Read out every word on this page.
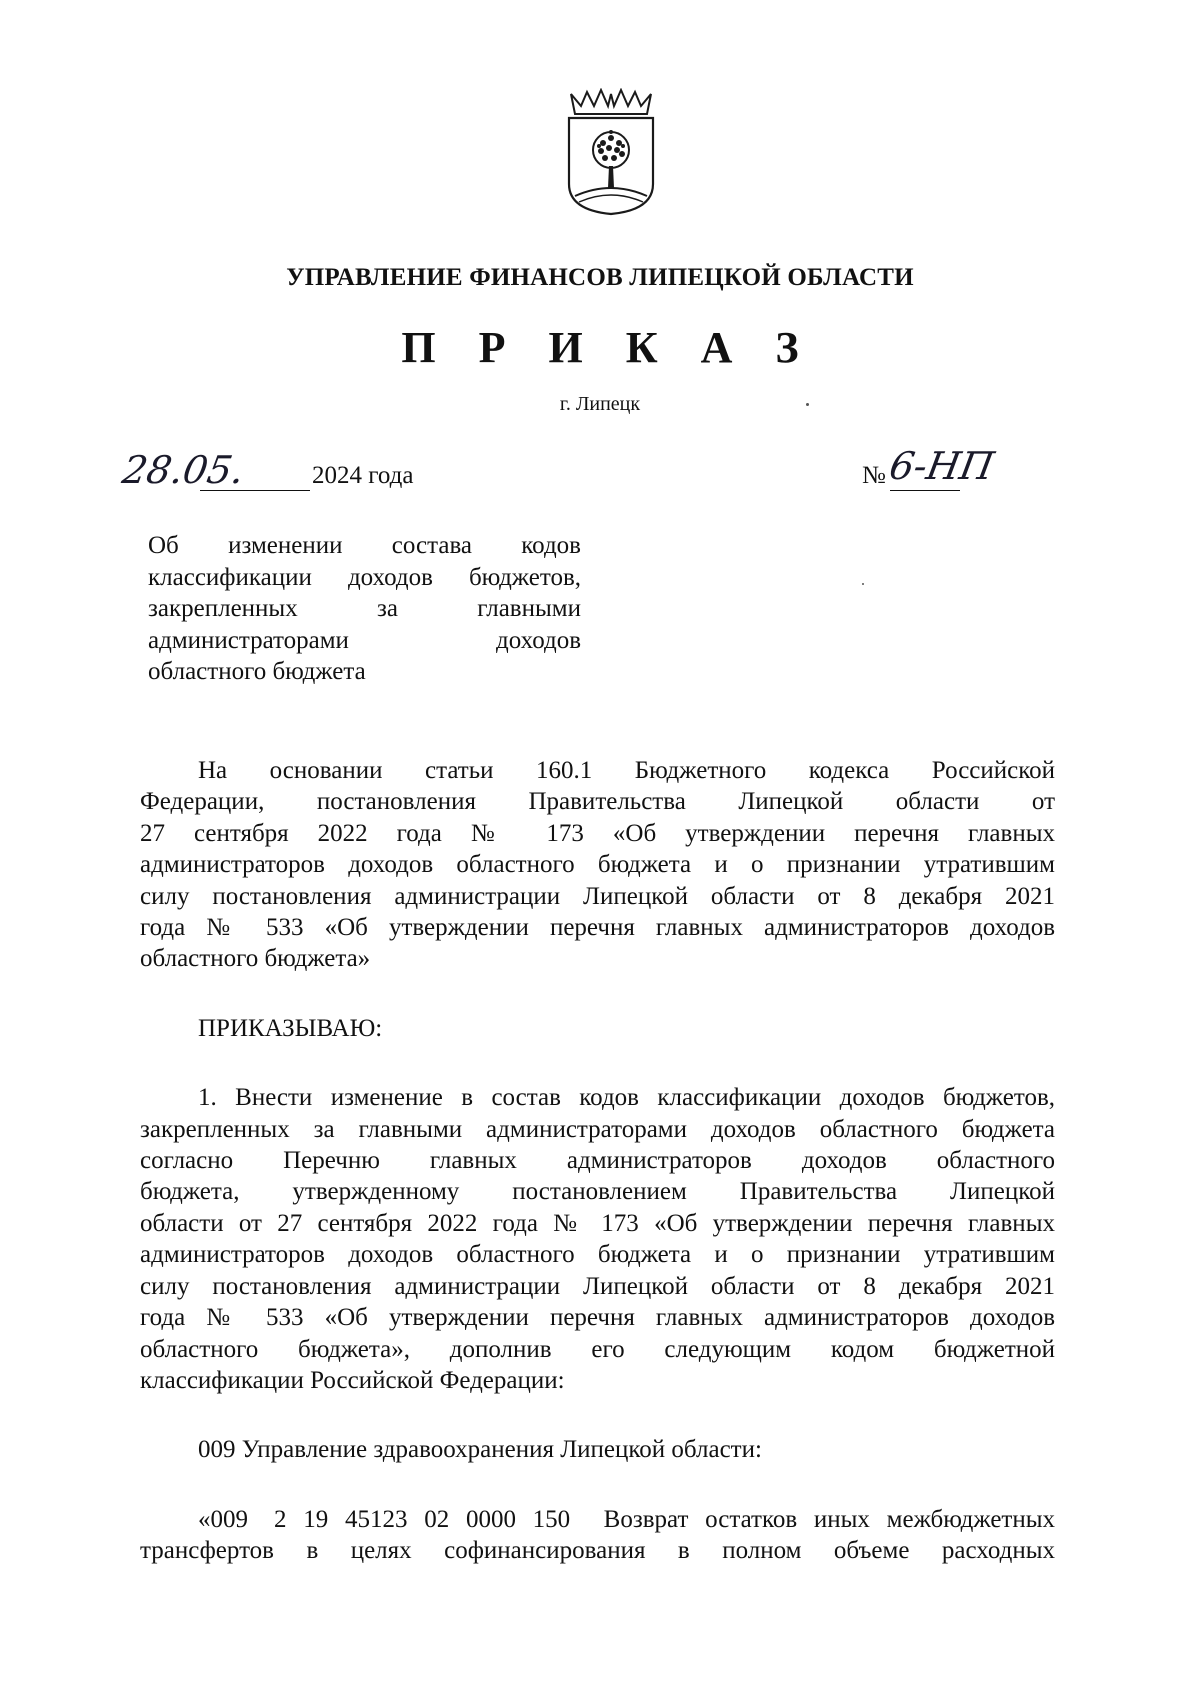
УПРАВЛЕНИЕ ФИНАНСОВ ЛИПЕЦКОЙ ОБЛАСТИ
П Р И К А З
г. Липецк
28.05.	2024 года	№ 6-НП
Об изменении состава кодов
классификации доходов бюджетов,
закрепленных за главными
администраторами доходов
областного бюджета
На основании статьи 160.1 Бюджетного кодекса Российской
Федерации, постановления Правительства Липецкой области от
27 сентября 2022 года № 173 «Об утверждении перечня главных
администраторов доходов областного бюджета и о признании утратившим
силу постановления администрации Липецкой области от 8 декабря 2021
года № 533 «Об утверждении перечня главных администраторов доходов
областного бюджета»
ПРИКАЗЫВАЮ:
1. Внести изменение в состав кодов классификации доходов бюджетов,
закрепленных за главными администраторами доходов областного бюджета
согласно Перечню главных администраторов доходов областного
бюджета, утвержденному постановлением Правительства Липецкой
области от 27 сентября 2022 года № 173 «Об утверждении перечня главных
администраторов доходов областного бюджета и о признании утратившим
силу постановления администрации Липецкой области от 8 декабря 2021
года № 533 «Об утверждении перечня главных администраторов доходов
областного бюджета», дополнив его следующим кодом бюджетной
классификации Российской Федерации:
009 Управление здравоохранения Липецкой области:
«009 2 19 45123 02 0000 150 Возврат остатков иных межбюджетных
трансфертов в целях софинансирования в полном объеме расходных
